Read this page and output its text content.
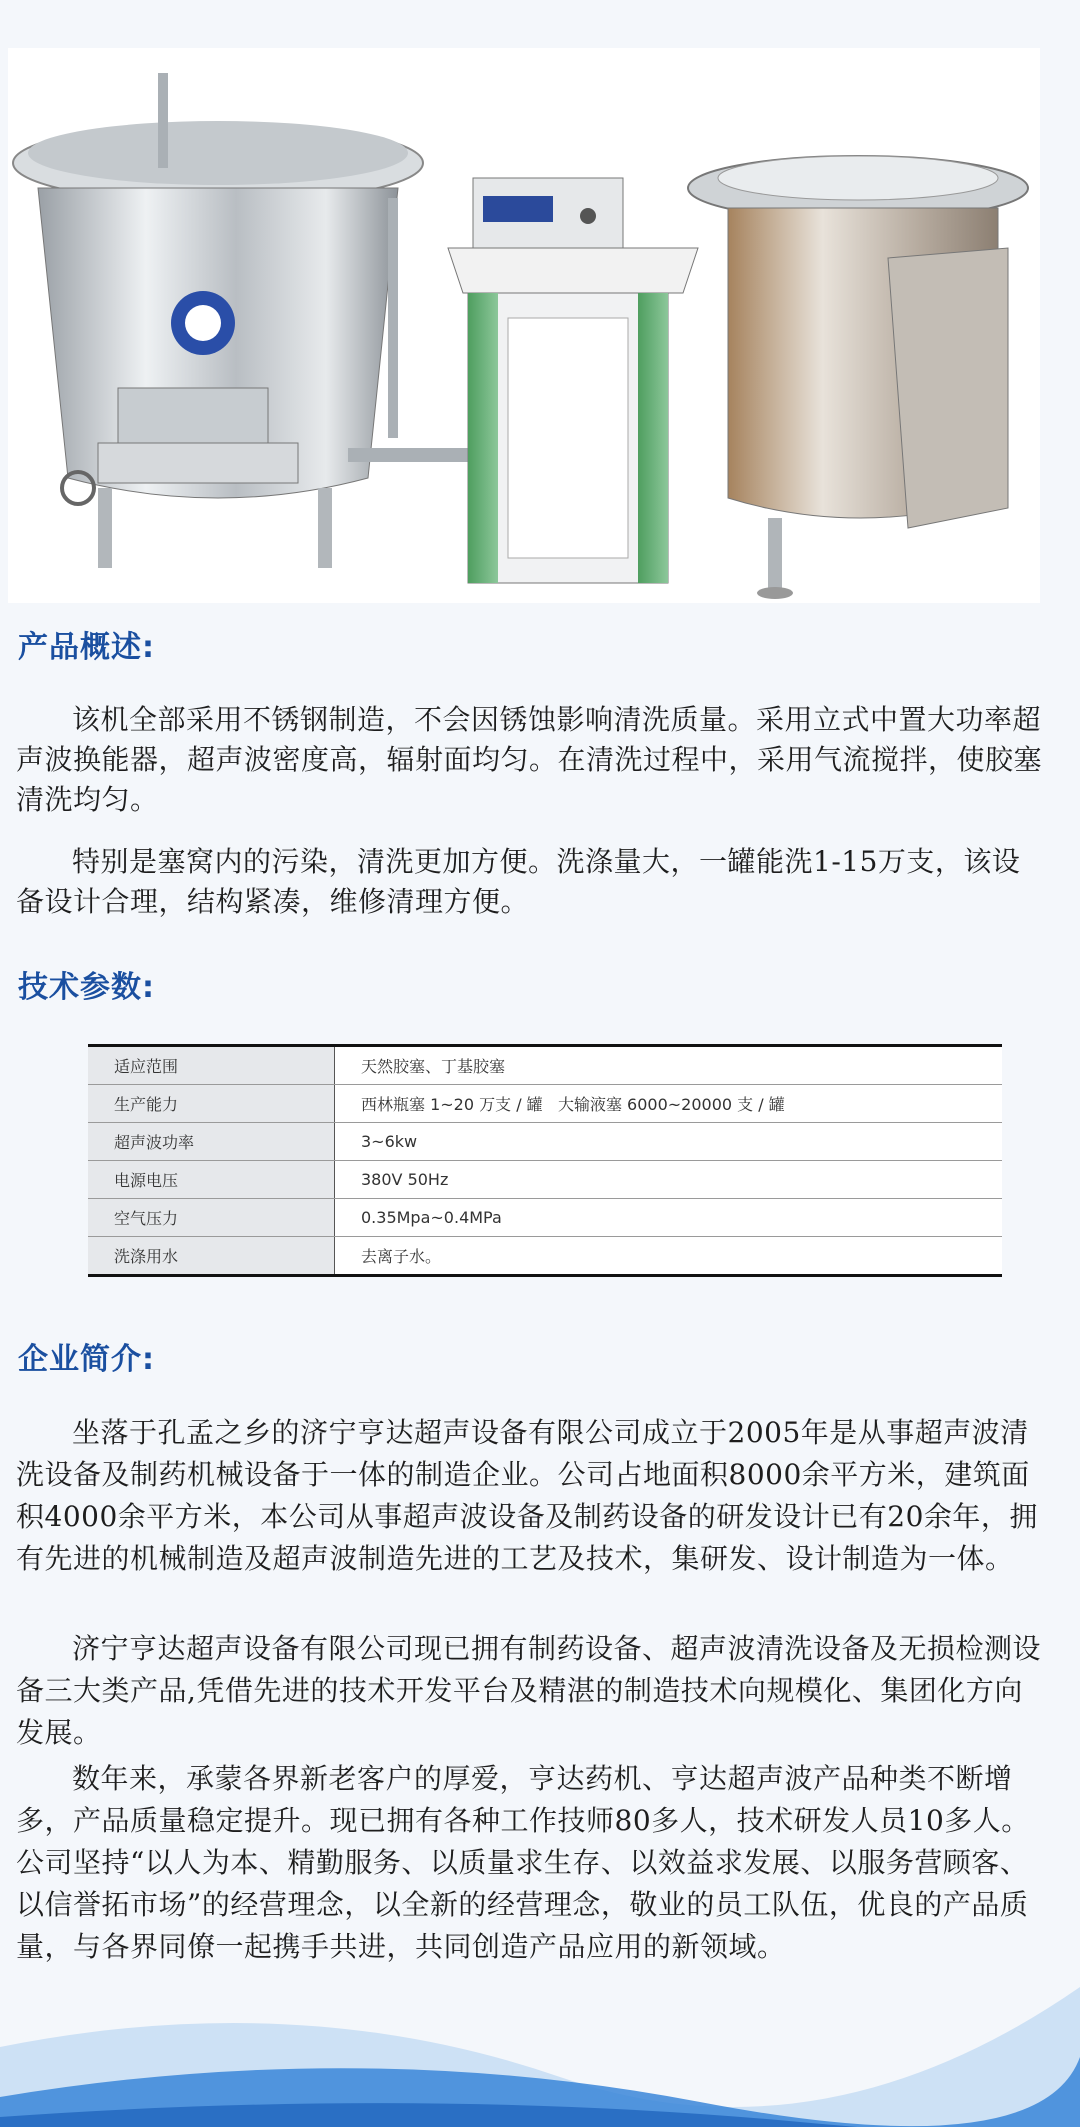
产品概述:

该机全部采用不锈钢制造，不会因锈蚀影响清洗质量。采用立式中置大功率超声波换能器，超声波密度高，辐射面均匀。在清洗过程中，采用气流搅拌，使胶塞清洗均匀。

特别是塞窝内的污染，清洗更加方便。洗涤量大，一罐能洗1-15万支，该设备设计合理，结构紧凑，维修清理方便。

技术参数:
适应范围	天然胶塞、丁基胶塞
生产能力	西林瓶塞 1~20 万支 / 罐   大输液塞 6000~20000 支 / 罐
超声波功率	3~6kw
电源电压	380V 50Hz
空气压力	0.35Mpa~0.4MPa
洗涤用水	去离子水。
企业简介:

坐落于孔孟之乡的济宁亨达超声设备有限公司成立于2005年是从事超声波清洗设备及制药机械设备于一体的制造企业。公司占地面积8000余平方米，建筑面积4000余平方米，本公司从事超声波设备及制药设备的研发设计已有20余年，拥有先进的机械制造及超声波制造先进的工艺及技术，集研发、设计制造为一体。

济宁亨达超声设备有限公司现已拥有制药设备、超声波清洗设备及无损检测设备三大类产品,凭借先进的技术开发平台及精湛的制造技术向规模化、集团化方向发展。

数年来，承蒙各界新老客户的厚爱，亨达药机、亨达超声波产品种类不断增多，产品质量稳定提升。现已拥有各种工作技师80多人，技术研发人员10多人。公司坚持“以人为本、精勤服务、以质量求生存、以效益求发展、以服务营顾客、以信誉拓市场”的经营理念，以全新的经营理念，敬业的员工队伍，优良的产品质量，与各界同僚一起携手共进，共同创造产品应用的新领域。
